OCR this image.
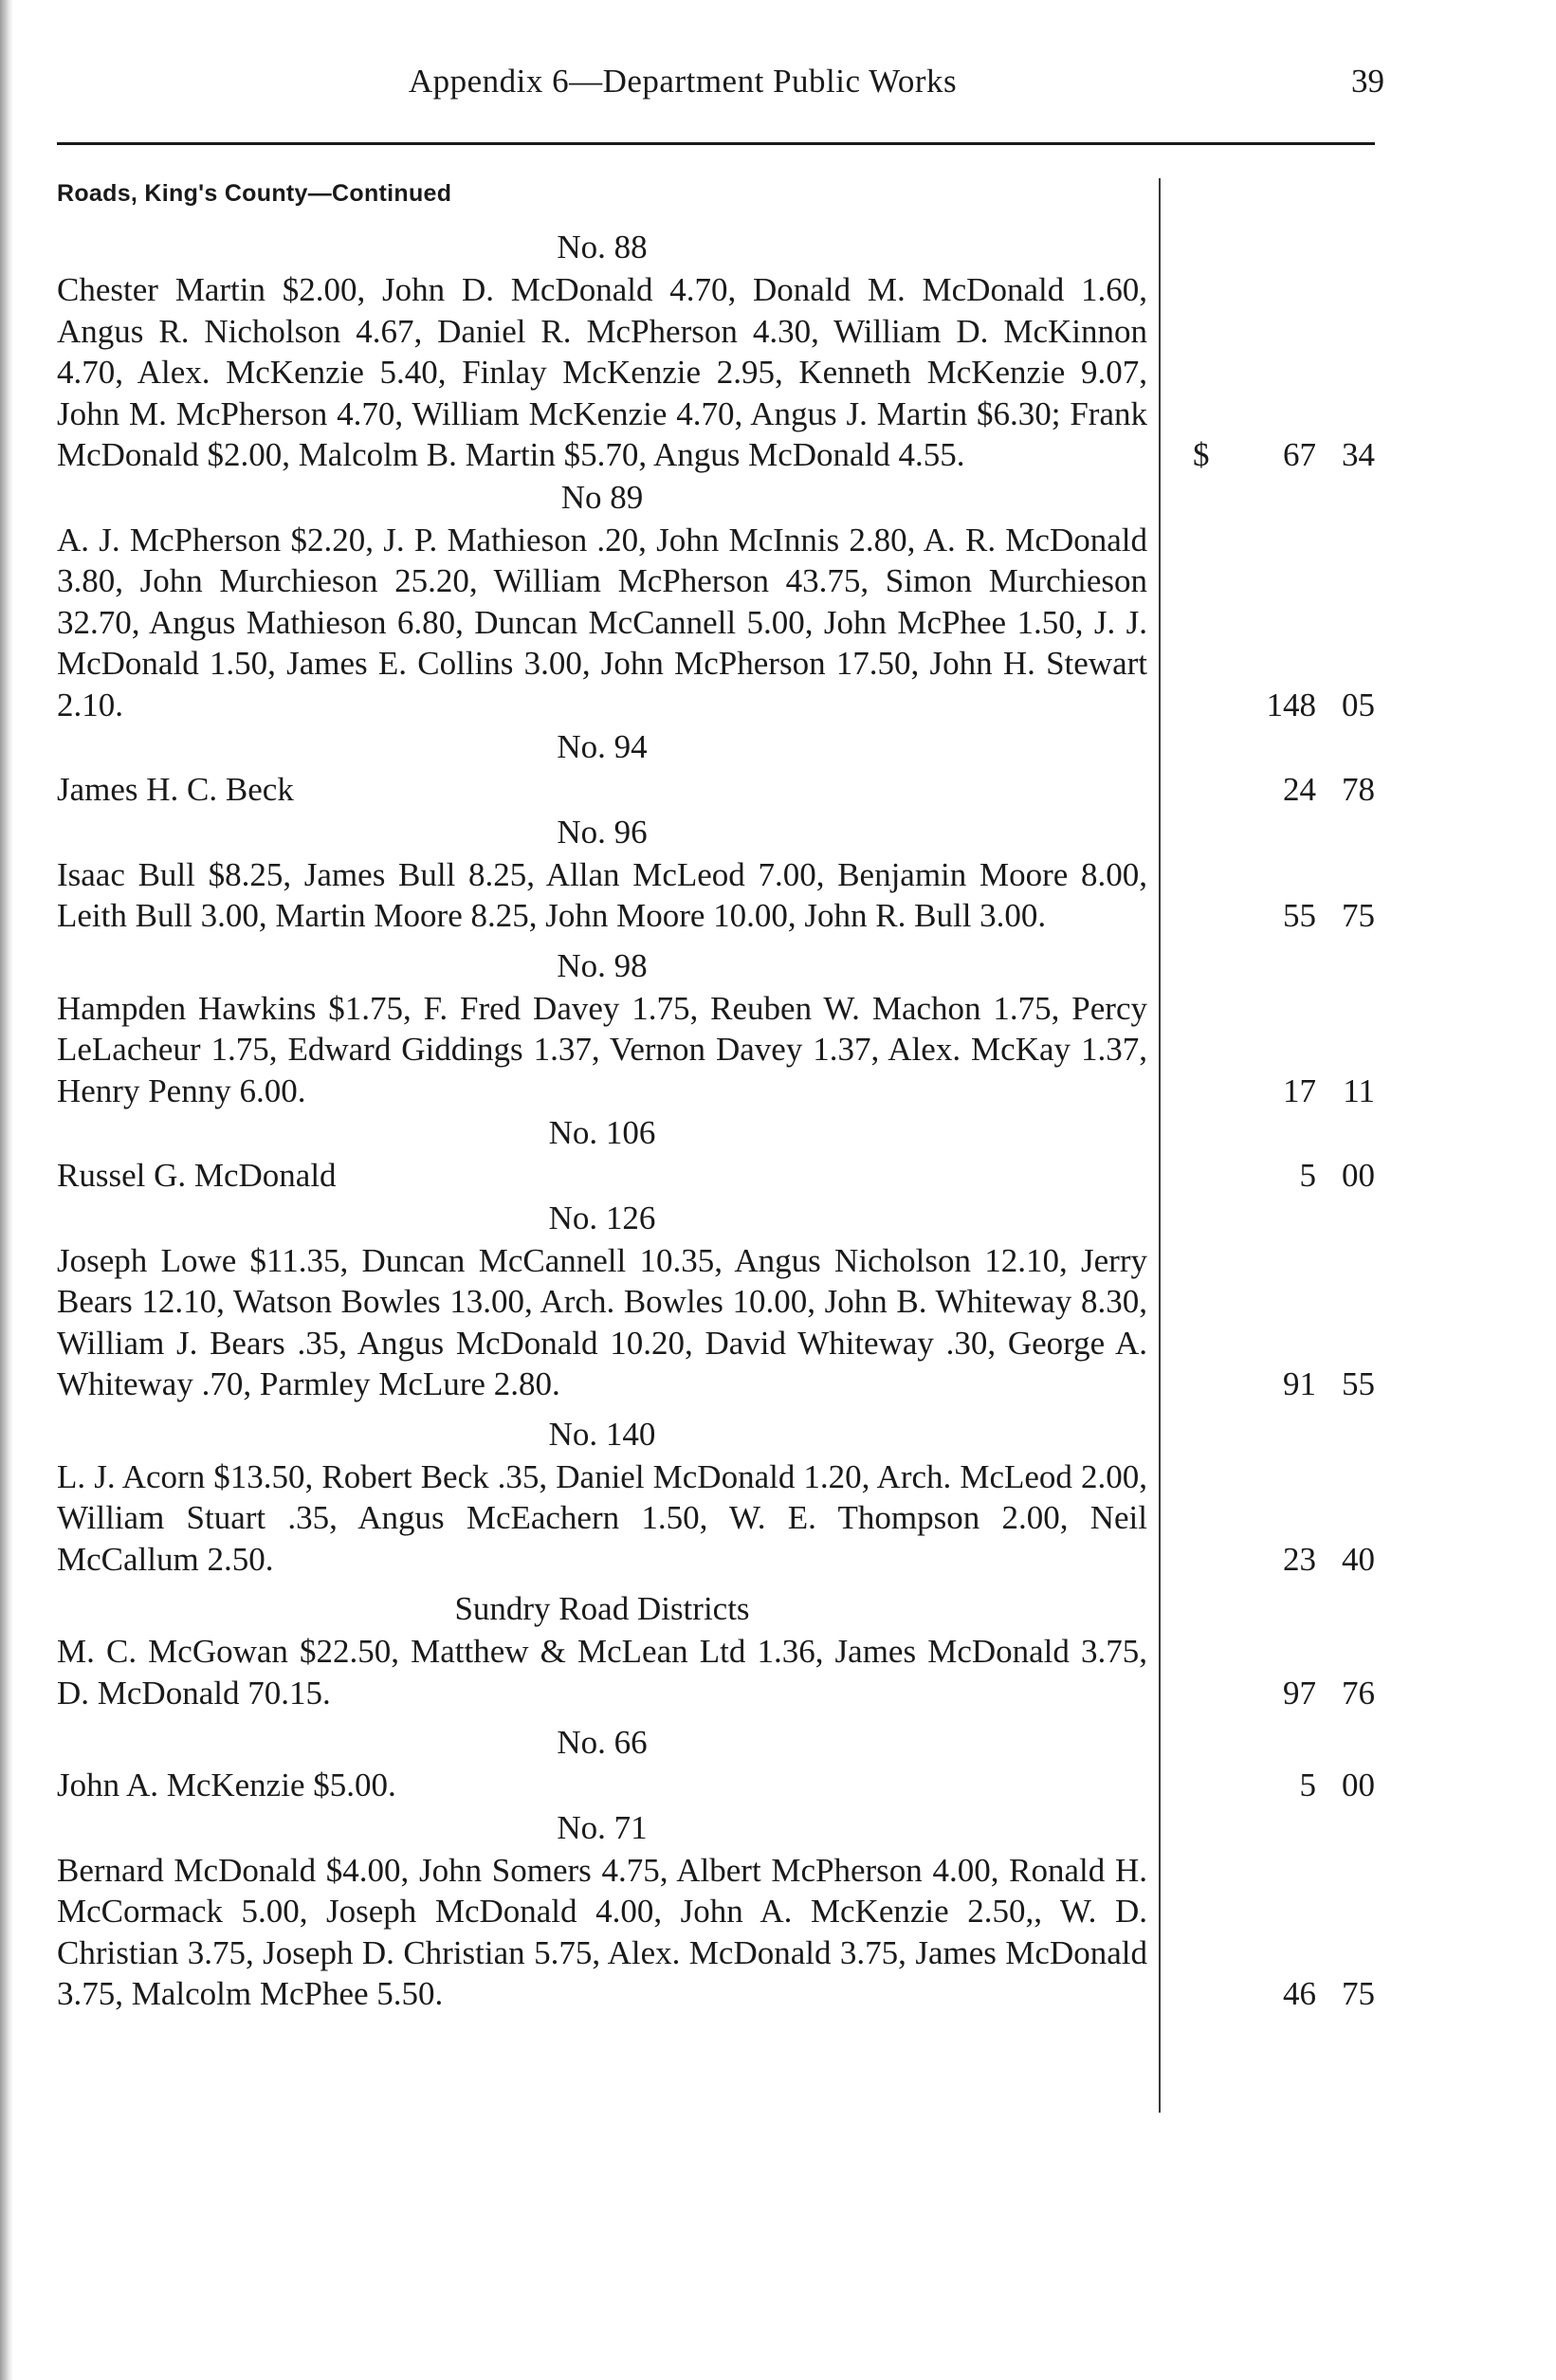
Appendix 6—Department Public Works	39
Roads, King's County—Continued
No. 88
Chester Martin $2.00, John D. McDonald 4.70, Donald M. McDonald 1.60, Angus R. Nicholson 4.67, Daniel R. McPherson 4.30, William D. McKinnon 4.70, Alex. McKenzie 5.40, Finlay McKenzie 2.95, Kenneth McKenzie 9.07, John M. McPherson 4.70, William McKenzie 4.70, Angus J. Martin $6.30; Frank McDonald $2.00, Malcolm B. Martin $5.70, Angus McDonald 4.55.	$ 67 34
No 89
A. J. McPherson $2.20, J. P. Mathieson .20, John McInnis 2.80, A. R. McDonald 3.80, John Murchieson 25.20, William McPherson 43.75, Simon Murchieson 32.70, Angus Mathieson 6.80, Duncan McCannell 5.00, John McPhee 1.50, J. J. McDonald 1.50, James E. Collins 3.00, John McPherson 17.50, John H. Stewart 2.10.	148 05
No. 94
James H. C. Beck	24 78
No. 96
Isaac Bull $8.25, James Bull 8.25, Allan McLeod 7.00, Benjamin Moore 8.00, Leith Bull 3.00, Martin Moore 8.25, John Moore 10.00, John R. Bull 3.00.	55 75
No. 98
Hampden Hawkins $1.75, F. Fred Davey 1.75, Reuben W. Machon 1.75, Percy LeLacheur 1.75, Edward Giddings 1.37, Vernon Davey 1.37, Alex. McKay 1.37, Henry Penny 6.00.	17 11
No. 106
Russel G. McDonald	5 00
No. 126
Joseph Lowe $11.35, Duncan McCannell 10.35, Angus Nicholson 12.10, Jerry Bears 12.10, Watson Bowles 13.00, Arch. Bowles 10.00, John B. Whiteway 8.30, William J. Bears .35, Angus McDonald 10.20, David Whiteway .30, George A. Whiteway .70, Parmley McLure 2.80.	91 55
No. 140
L. J. Acorn $13.50, Robert Beck .35, Daniel McDonald 1.20, Arch. McLeod 2.00, William Stuart .35, Angus McEachern 1.50, W. E. Thompson 2.00, Neil McCallum 2.50.	23 40
Sundry Road Districts
M. C. McGowan $22.50, Matthew & McLean Ltd 1.36, James McDonald 3.75, D. McDonald 70.15.	97 76
No. 66
John A. McKenzie $5.00.	5 00
No. 71
Bernard McDonald $4.00, John Somers 4.75, Albert McPherson 4.00, Ronald H. McCormack 5.00, Joseph McDonald 4.00, John A. McKenzie 2.50,, W. D. Christian 3.75, Joseph D. Christian 5.75, Alex. McDonald 3.75, James McDonald 3.75, Malcolm McPhee 5.50.	46 75
